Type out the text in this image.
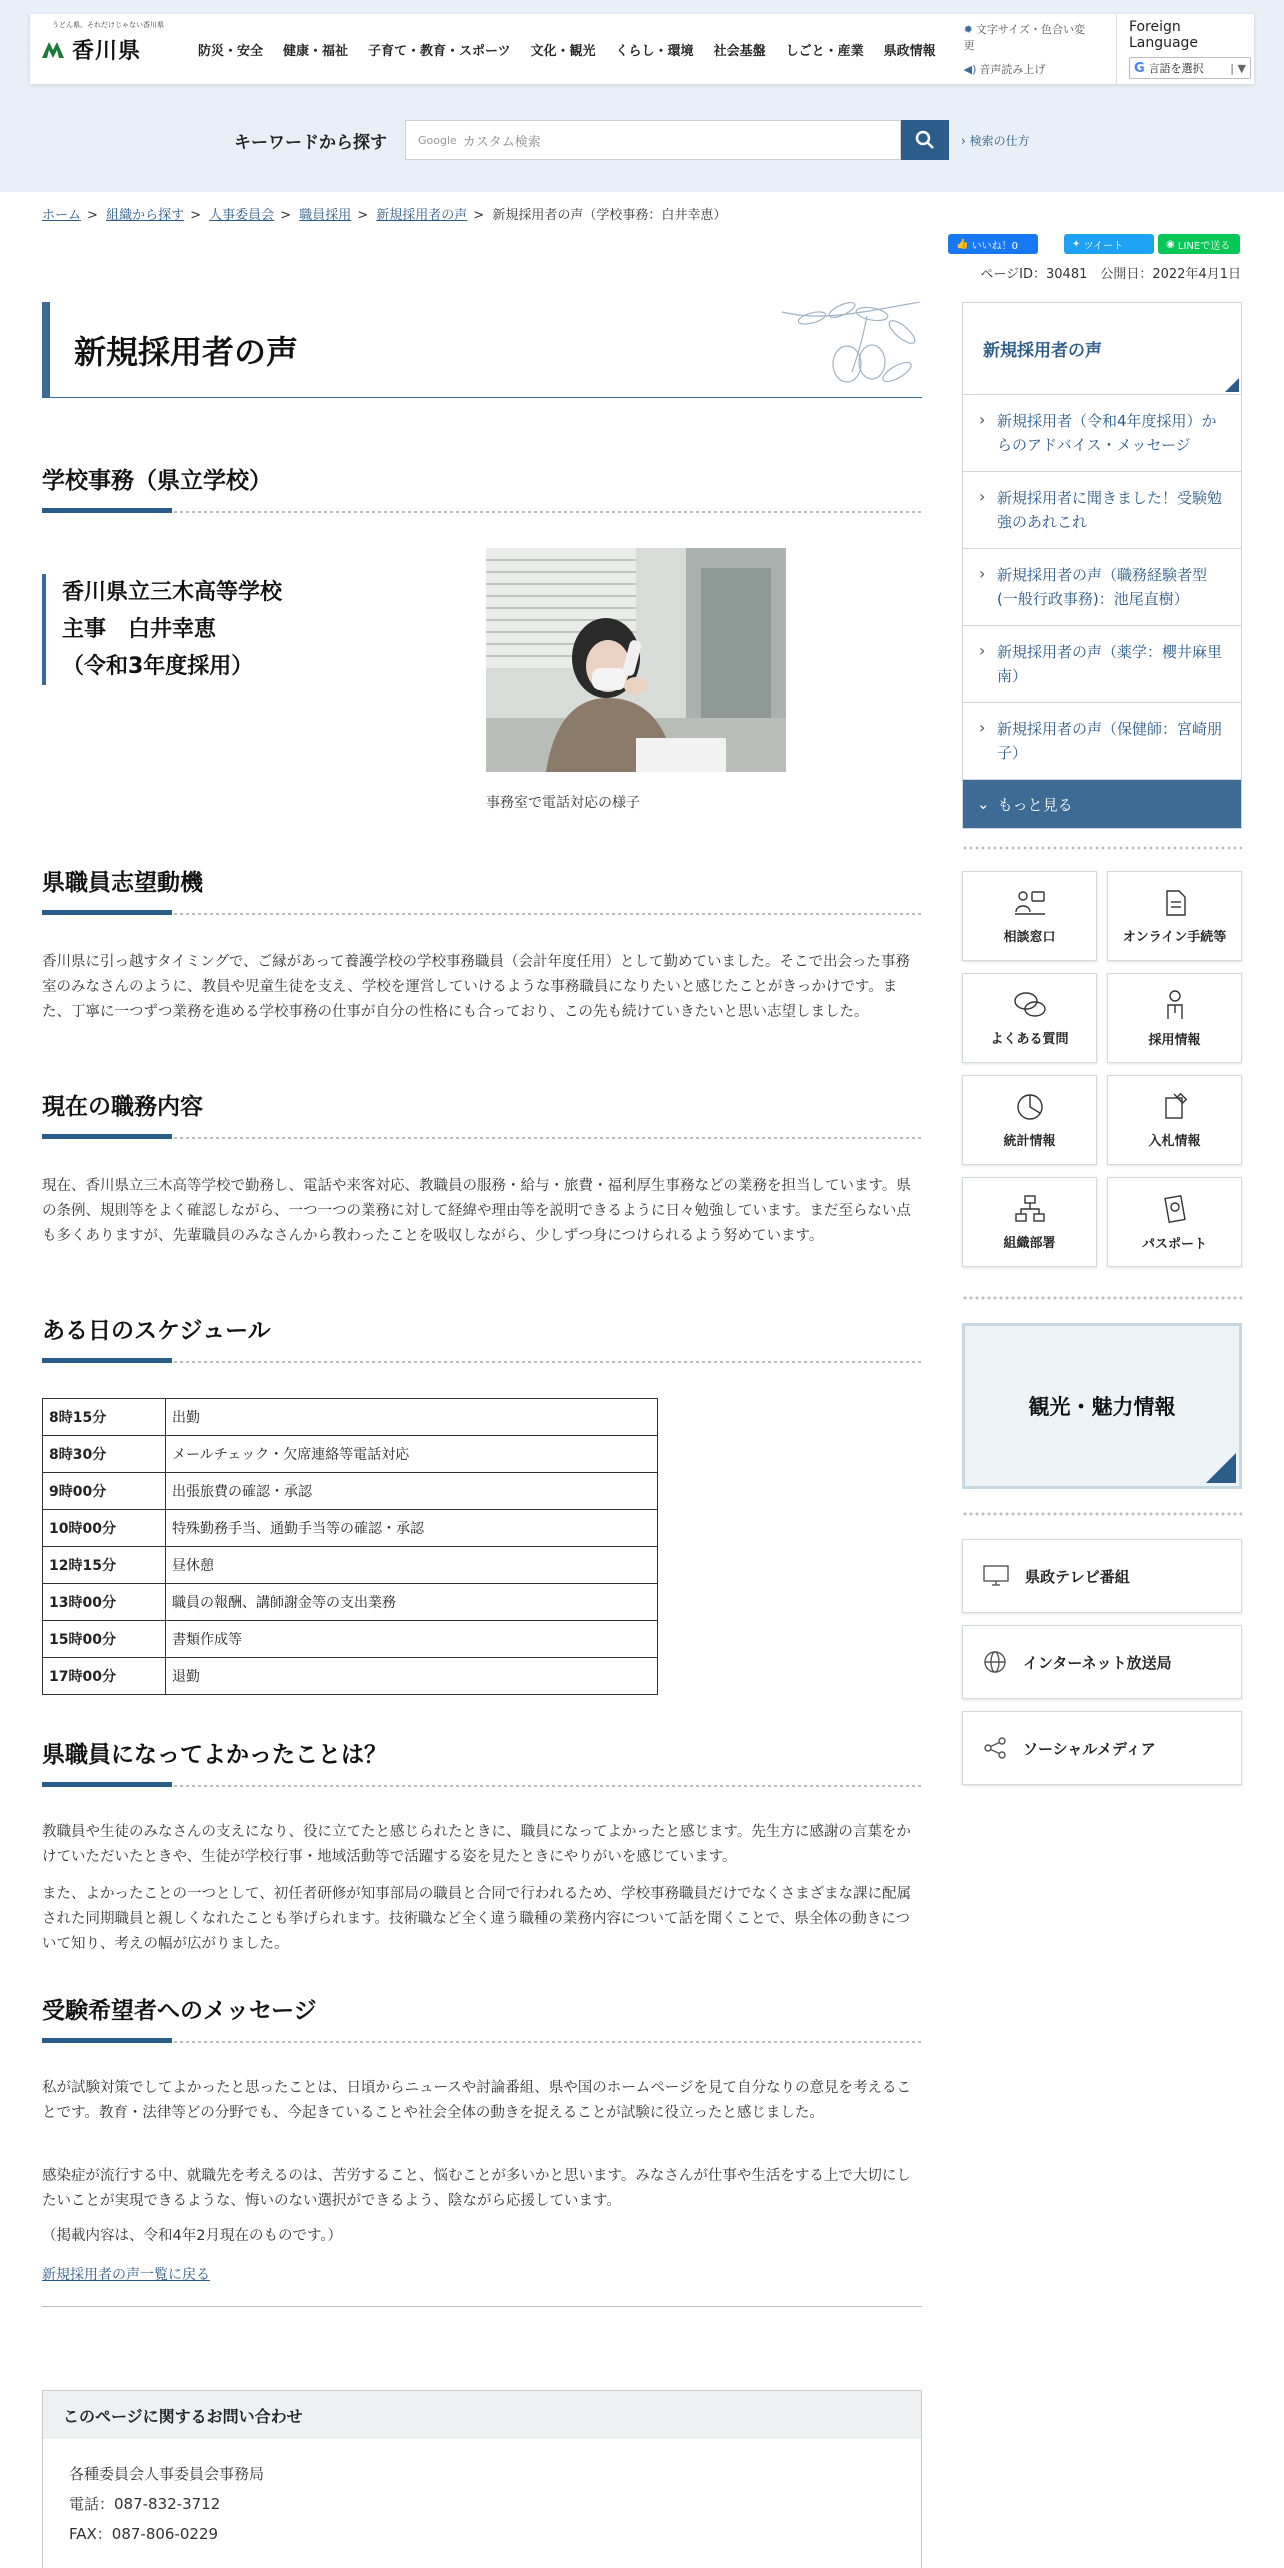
うどん県。それだけじゃない香川県
香川県	防災・安全	健康・福祉	子育て・教育・スポーツ	文化・観光	くらし・環境	社会基盤	しごと・産業	県政情報
✹ 文字サイズ・色合い変更
◀) 音声読み上げ
Foreign Language
G 言語を選択 | ▼
キーワードから探す	Google カスタム検索	› 検索の仕方
ホーム > 組織から探す > 人事委員会 > 職員採用 > 新規採用者の声 > 新規採用者の声（学校事務：白井幸恵）
👍 いいね！0	✦ ツイート	◉ LINEで送る
ページID：30481　公開日：2022年4月1日
新規採用者の声
学校事務（県立学校）
香川県立三木高等学校
主事　白井幸恵
（令和3年度採用）
事務室で電話対応の様子
県職員志望動機

香川県に引っ越すタイミングで、ご縁があって養護学校の学校事務職員（会計年度任用）として勤めていました。そこで出会った事務室のみなさんのように、教員や児童生徒を支え、学校を運営していけるような事務職員になりたいと感じたことがきっかけです。また、丁寧に一つずつ業務を進める学校事務の仕事が自分の性格にも合っており、この先も続けていきたいと思い志望しました。

現在の職務内容

現在、香川県立三木高等学校で勤務し、電話や来客対応、教職員の服務・給与・旅費・福利厚生事務などの業務を担当しています。県の条例、規則等をよく確認しながら、一つ一つの業務に対して経緯や理由等を説明できるように日々勉強しています。まだ至らない点も多くありますが、先輩職員のみなさんから教わったことを吸収しながら、少しずつ身につけられるよう努めています。

ある日のスケジュール
8時15分	出勤
8時30分	メールチェック・欠席連絡等電話対応
9時00分	出張旅費の確認・承認
10時00分	特殊勤務手当、通勤手当等の確認・承認
12時15分	昼休憩
13時00分	職員の報酬、講師謝金等の支出業務
15時00分	書類作成等
17時00分	退勤
県職員になってよかったことは？

教職員や生徒のみなさんの支えになり、役に立てたと感じられたときに、職員になってよかったと感じます。先生方に感謝の言葉をかけていただいたときや、生徒が学校行事・地域活動等で活躍する姿を見たときにやりがいを感じています。

また、よかったことの一つとして、初任者研修が知事部局の職員と合同で行われるため、学校事務職員だけでなくさまざまな課に配属された同期職員と親しくなれたことも挙げられます。技術職など全く違う職種の業務内容について話を聞くことで、県全体の動きについて知り、考えの幅が広がりました。

受験希望者へのメッセージ

私が試験対策でしてよかったと思ったことは、日頃からニュースや討論番組、県や国のホームページを見て自分なりの意見を考えることです。教育・法律等どの分野でも、今起きていることや社会全体の動きを捉えることが試験に役立ったと感じました。

感染症が流行する中、就職先を考えるのは、苦労すること、悩むことが多いかと思います。みなさんが仕事や生活をする上で大切にしたいことが実現できるような、悔いのない選択ができるよう、陰ながら応援しています。

（掲載内容は、令和4年2月現在のものです。）

新規採用者の声一覧に戻る
このページに関するお問い合わせ
各種委員会人事委員会事務局
電話：087-832-3712
FAX：087-806-0229
新規採用者の声
› 新規採用者（令和4年度採用）からのアドバイス・メッセージ
› 新規採用者に聞きました！受験勉強のあれこれ
› 新規採用者の声（職務経験者型(一般行政事務)：池尾直樹）
› 新規採用者の声（薬学：櫻井麻里南）
› 新規採用者の声（保健師：宮崎朋子）
⌄ もっと見る
相談窓口	オンライン手続等
よくある質問	採用情報
統計情報	入札情報
組織部署	パスポート
観光・魅力情報
県政テレビ番組
インターネット放送局
ソーシャルメディア
